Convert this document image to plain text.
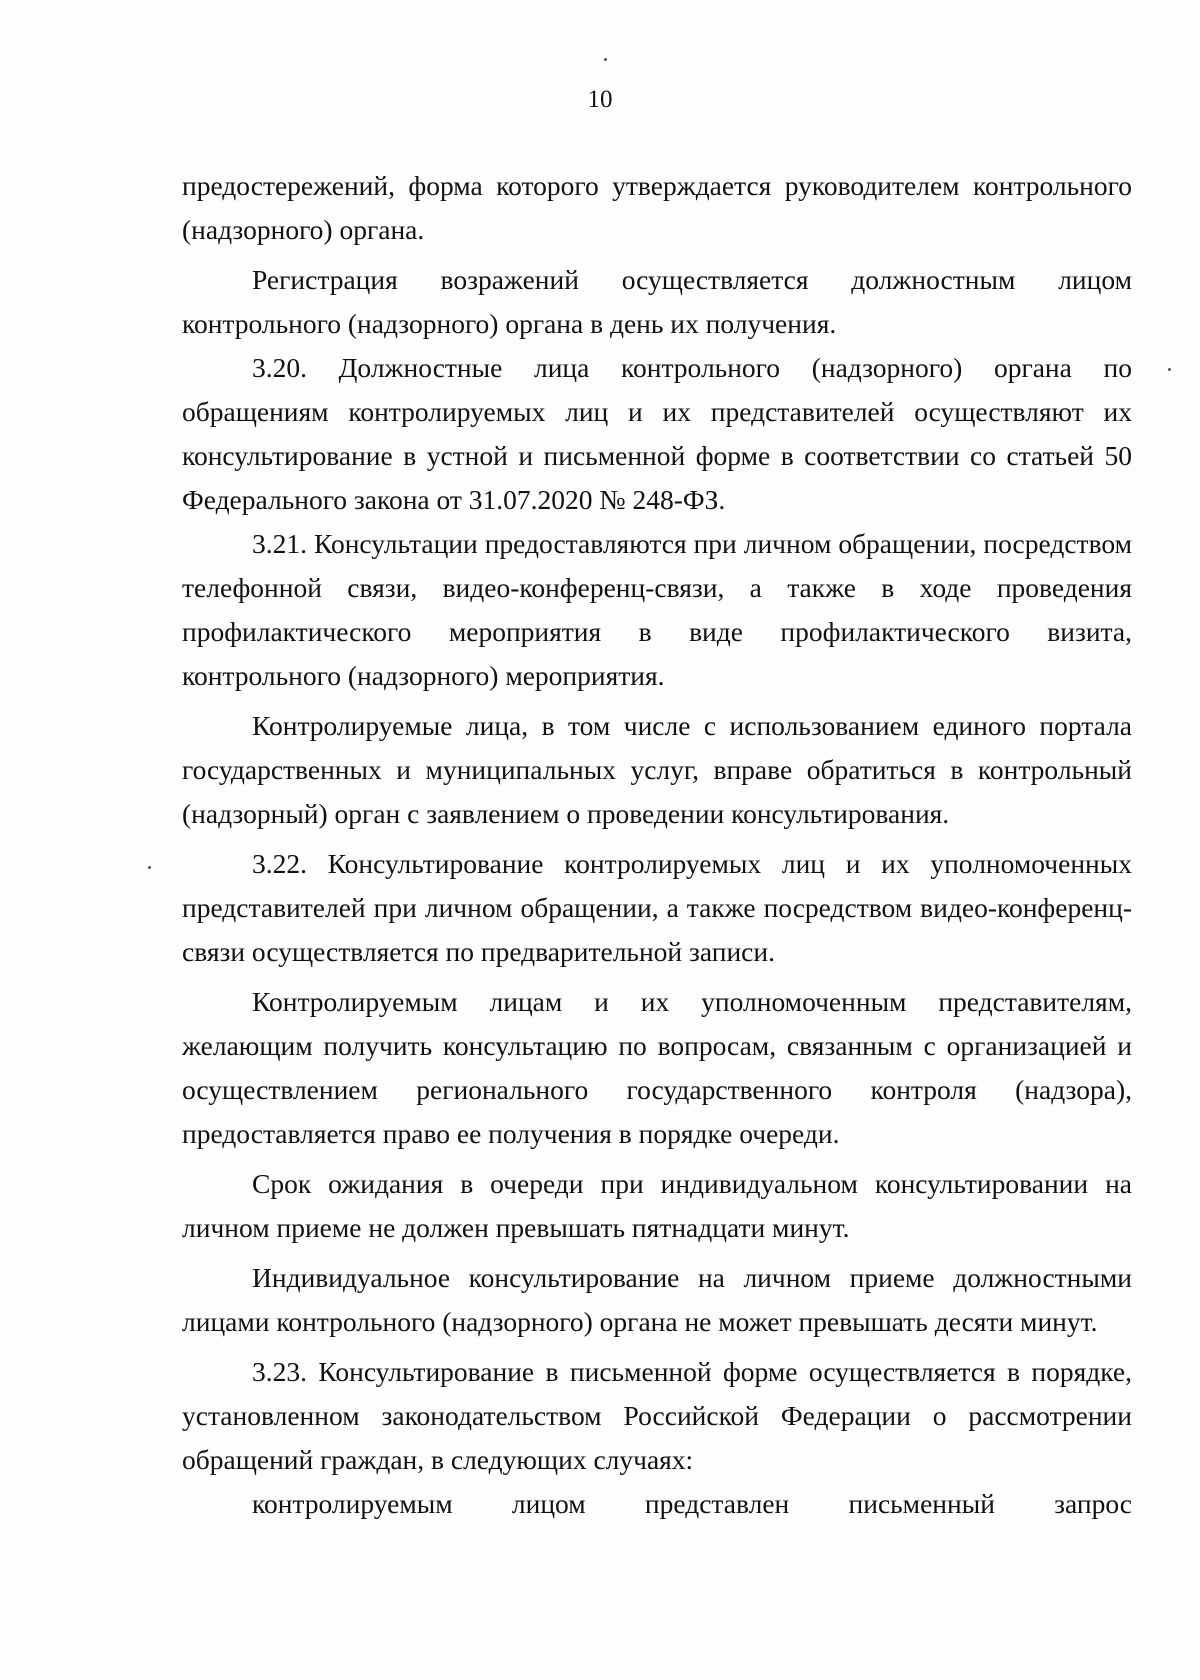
10

предостережений, форма которого утверждается руководителем контрольного (надзорного) органа.

Регистрация возражений осуществляется должностным лицом контрольного (надзорного) органа в день их получения.

3.20. Должностные лица контрольного (надзорного) органа по обращениям контролируемых лиц и их представителей осуществляют их консультирование в устной и письменной форме в соответствии со статьей 50 Федерального закона от 31.07.2020 № 248-ФЗ.

3.21. Консультации предоставляются при личном обращении, посредством телефонной связи, видео-конференц-связи, а также в ходе проведения профилактического мероприятия в виде профилактического визита, контрольного (надзорного) мероприятия.

Контролируемые лица, в том числе с использованием единого портала государственных и муниципальных услуг, вправе обратиться в контрольный (надзорный) орган с заявлением о проведении консультирования.

3.22. Консультирование контролируемых лиц и их уполномоченных представителей при личном обращении, а также посредством видео-конференц-связи осуществляется по предварительной записи.

Контролируемым лицам и их уполномоченным представителям, желающим получить консультацию по вопросам, связанным с организацией и осуществлением регионального государственного контроля (надзора), предоставляется право ее получения в порядке очереди.

Срок ожидания в очереди при индивидуальном консультировании на личном приеме не должен превышать пятнадцати минут.

Индивидуальное консультирование на личном приеме должностными лицами контрольного (надзорного) органа не может превышать десяти минут.

3.23. Консультирование в письменной форме осуществляется в порядке, установленном законодательством Российской Федерации о рассмотрении обращений граждан, в следующих случаях:

контролируемым лицом представлен письменный запрос
